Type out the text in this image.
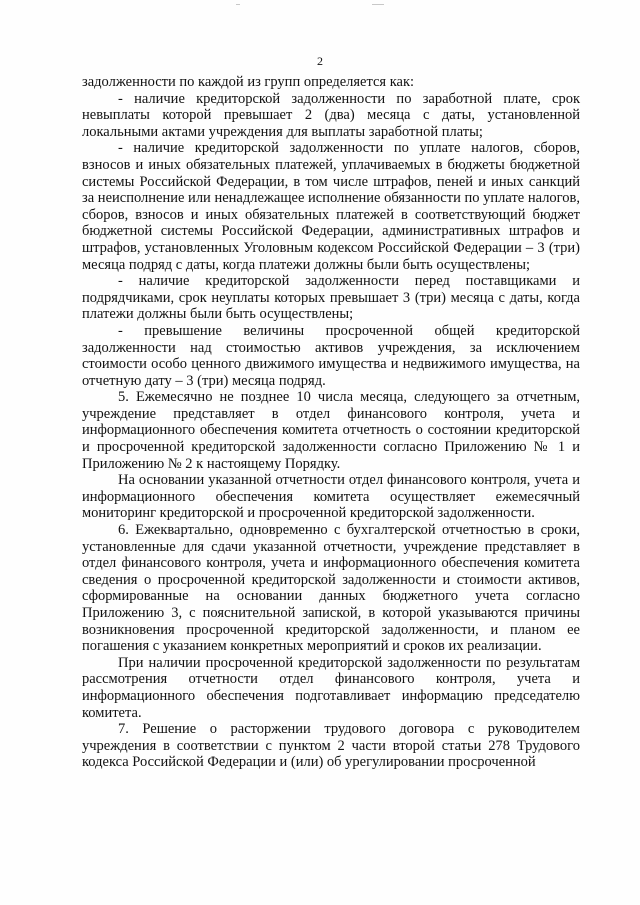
2

задолженности по каждой из групп определяется как:

- наличие кредиторской задолженности по заработной плате, срок невыплаты которой превышает 2 (два) месяца с даты, установленной локальными актами учреждения для выплаты заработной платы;

- наличие кредиторской задолженности по уплате налогов, сборов, взносов и иных обязательных платежей, уплачиваемых в бюджеты бюджетной системы Российской Федерации, в том числе штрафов, пеней и иных санкций за неисполнение или ненадлежащее исполнение обязанности по уплате налогов, сборов, взносов и иных обязательных платежей в соответствующий бюджет бюджетной системы Российской Федерации, административных штрафов и штрафов, установленных Уголовным кодексом Российской Федерации – 3 (три) месяца подряд с даты, когда платежи должны были быть осуществлены;

- наличие кредиторской задолженности перед поставщиками и подрядчиками, срок неуплаты которых превышает 3 (три) месяца с даты, когда платежи должны были быть осуществлены;

- превышение величины просроченной общей кредиторской задолженности над стоимостью активов учреждения, за исключением стоимости особо ценного движимого имущества и недвижимого имущества, на отчетную дату – 3 (три) месяца подряд.

5. Ежемесячно не позднее 10 числа месяца, следующего за отчетным, учреждение представляет в отдел финансового контроля, учета и информационного обеспечения комитета отчетность о состоянии кредиторской и просроченной кредиторской задолженности согласно Приложению № 1 и Приложению № 2 к настоящему Порядку.

На основании указанной отчетности отдел финансового контроля, учета и информационного обеспечения комитета осуществляет ежемесячный мониторинг кредиторской и просроченной кредиторской задолженности.

6. Ежеквартально, одновременно с бухгалтерской отчетностью в сроки, установленные для сдачи указанной отчетности, учреждение представляет в отдел финансового контроля, учета и информационного обеспечения комитета сведения о просроченной кредиторской задолженности и стоимости активов, сформированные на основании данных бюджетного учета согласно Приложению 3, с пояснительной запиской, в которой указываются причины возникновения просроченной кредиторской задолженности, и планом ее погашения с указанием конкретных мероприятий и сроков их реализации.

При наличии просроченной кредиторской задолженности по результатам рассмотрения отчетности отдел финансового контроля, учета и информационного обеспечения подготавливает информацию председателю комитета.

7. Решение о расторжении трудового договора с руководителем учреждения в соответствии с пунктом 2 части второй статьи 278 Трудового кодекса Российской Федерации и (или) об урегулировании просроченной
